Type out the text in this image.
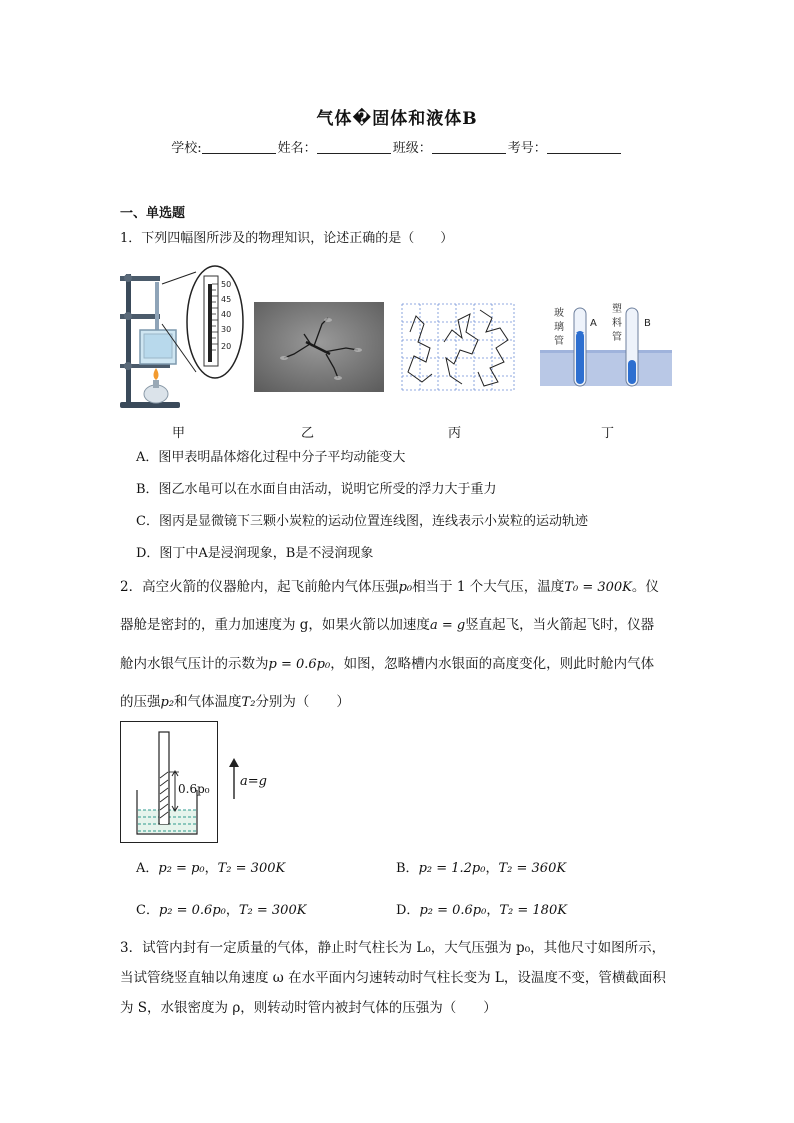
气体�固体和液体B
学校:	姓名：	班级：	考号：
一、单选题
1．下列四幅图所涉及的物理知识，论述正确的是（　　）
50
45
40
30
20
玻
璃
管
A
塑
料
管
B
甲	乙	丙	丁
A．图甲表明晶体熔化过程中分子平均动能变大
B．图乙水黾可以在水面自由活动，说明它所受的浮力大于重力
C．图丙是显微镜下三颗小炭粒的运动位置连线图，连线表示小炭粒的运动轨迹
D．图丁中A是浸润现象，B是不浸润现象
2．高空火箭的仪器舱内，起飞前舱内气体压强p₀相当于 1 个大气压，温度T₀ = 300K。仪
器舱是密封的，重力加速度为 g，如果火箭以加速度a = g竖直起飞，当火箭起飞时，仪器
舱内水银气压计的示数为p = 0.6p₀，如图，忽略槽内水银面的高度变化，则此时舱内气体
的压强p₂和气体温度T₂分别为（　　）
0.6p₀ a=g
A．p₂ = p₀，T₂ = 300K	B．p₂ = 1.2p₀，T₂ = 360K
C．p₂ = 0.6p₀，T₂ = 300K	D．p₂ = 0.6p₀，T₂ = 180K
3．试管内封有一定质量的气体，静止时气柱长为 L₀，大气压强为 p₀，其他尺寸如图所示，
当试管绕竖直轴以角速度 ω 在水平面内匀速转动时气柱长变为 L，设温度不变，管横截面积
为 S，水银密度为 ρ，则转动时管内被封气体的压强为（　　）
